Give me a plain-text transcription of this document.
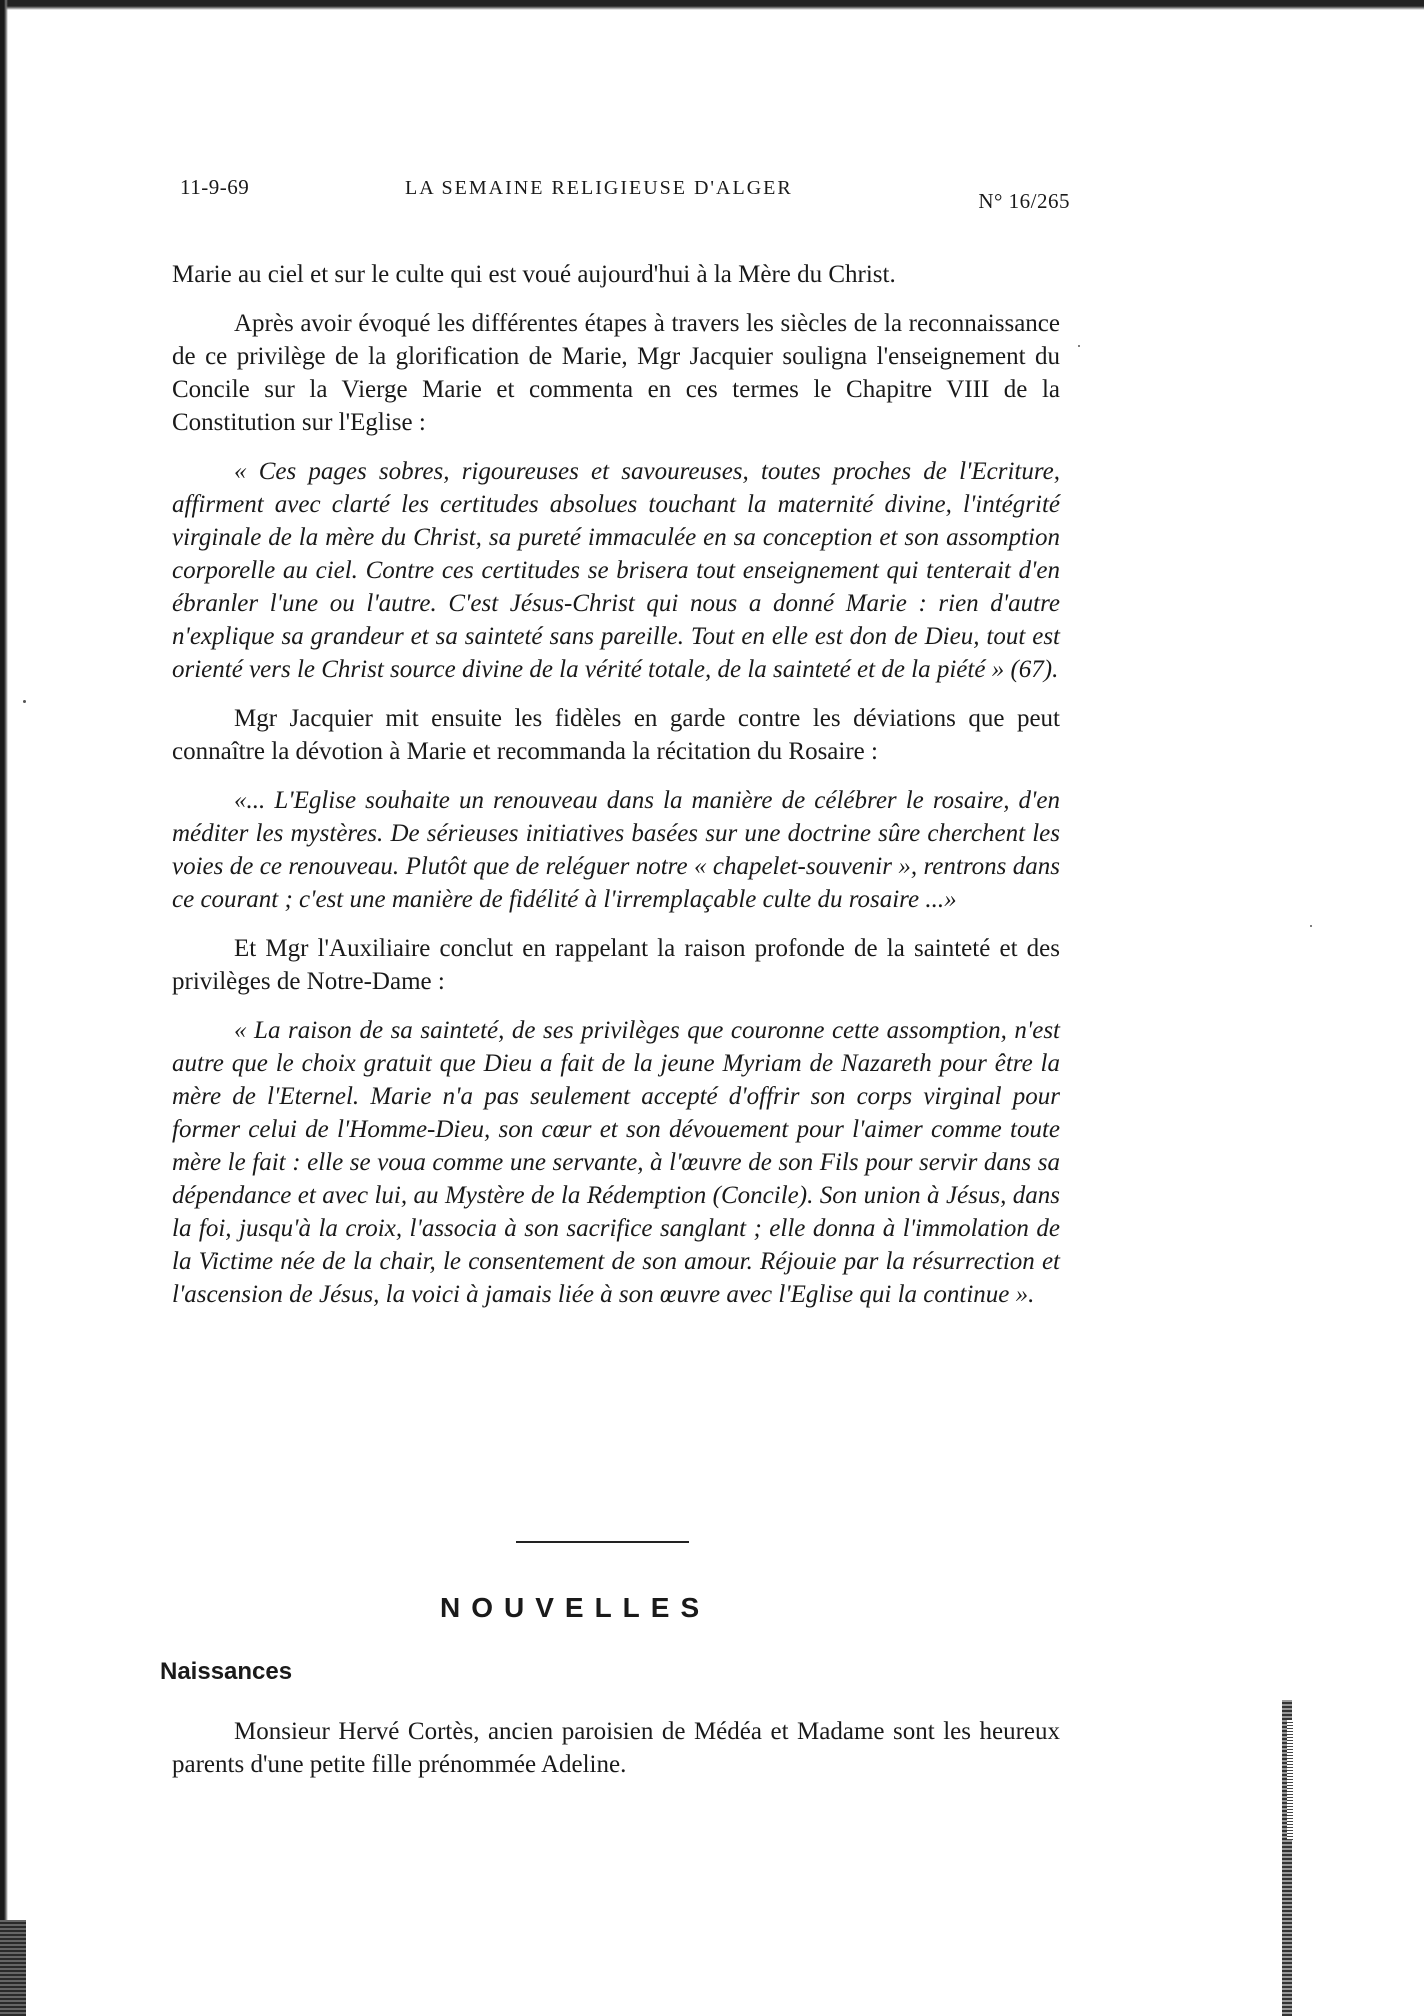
11-9-69	LA SEMAINE RELIGIEUSE D'ALGER
N° 16/265

Marie au ciel et sur le culte qui est voué aujourd'hui à la Mère du Christ.

Après avoir évoqué les différentes étapes à travers les siècles de la reconnaissance de ce privilège de la glorification de Marie, Mgr Jacquier souligna l'enseignement du Concile sur la Vierge Marie et commenta en ces termes le Chapitre VIII de la Constitution sur l'Eglise :

« Ces pages sobres, rigoureuses et savoureuses, toutes proches de l'Ecriture, affirment avec clarté les certitudes absolues touchant la maternité divine, l'intégrité virginale de la mère du Christ, sa pureté immaculée en sa conception et son assomption corporelle au ciel. Contre ces certitudes se brisera tout enseignement qui tenterait d'en ébranler l'une ou l'autre. C'est Jésus-Christ qui nous a donné Marie : rien d'autre n'explique sa grandeur et sa sainteté sans pareille. Tout en elle est don de Dieu, tout est orienté vers le Christ source divine de la vérité totale, de la sainteté et de la piété » (67).

Mgr Jacquier mit ensuite les fidèles en garde contre les déviations que peut connaître la dévotion à Marie et recommanda la récitation du Rosaire :

«... L'Eglise souhaite un renouveau dans la manière de célébrer le rosaire, d'en méditer les mystères. De sérieuses initiatives basées sur une doctrine sûre cherchent les voies de ce renouveau. Plutôt que de reléguer notre « chapelet-souvenir », rentrons dans ce courant ; c'est une manière de fidélité à l'irremplaçable culte du rosaire ...»

Et Mgr l'Auxiliaire conclut en rappelant la raison profonde de la sainteté et des privilèges de Notre-Dame :

« La raison de sa sainteté, de ses privilèges que couronne cette assomption, n'est autre que le choix gratuit que Dieu a fait de la jeune Myriam de Nazareth pour être la mère de l'Eternel. Marie n'a pas seulement accepté d'offrir son corps virginal pour former celui de l'Homme-Dieu, son cœur et son dévouement pour l'aimer comme toute mère le fait : elle se voua comme une servante, à l'œuvre de son Fils pour servir dans sa dépendance et avec lui, au Mystère de la Rédemption (Concile). Son union à Jésus, dans la foi, jusqu'à la croix, l'associa à son sacrifice sanglant ; elle donna à l'immolation de la Victime née de la chair, le consentement de son amour. Réjouie par la résurrection et l'ascension de Jésus, la voici à jamais liée à son œuvre avec l'Eglise qui la continue ».

NOUVELLES
Naissances

Monsieur Hervé Cortès, ancien paroisien de Médéa et Madame sont les heureux parents d'une petite fille prénommée Adeline.
